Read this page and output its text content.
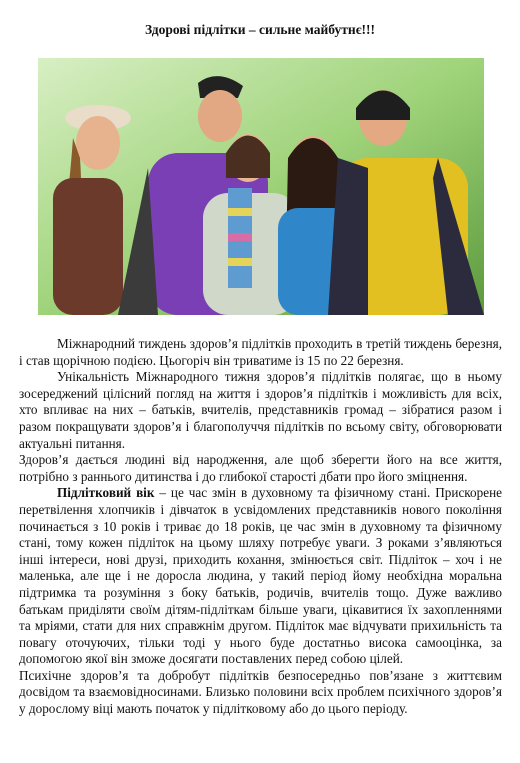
Здорові підлітки – сильне майбутнє!!!

Міжнародний тиждень здоров’я підлітків проходить в третій тиждень березня, і став щорічною подією. Цьогоріч він триватиме із 15 по 22 березня.

Унікальність Міжнародного тижня здоров’я підлітків полягає, що в ньому зосереджений цілісний погляд на життя і здоров’я підлітків і можливість для всіх, хто впливає на них – батьків, вчителів, представників громад – зібратися разом і разом покращувати здоров’я і благополуччя підлітків по всьому світу, обговорювати актуальні питання.

Здоров’я дається людині від народження, але щоб зберегти його на все життя, потрібно з раннього дитинства і до глибокої старості дбати про його зміцнення.

Підлітковий вік – це час змін в духовному та фізичному стані. Прискорене перетвілення хлопчиків і дівчаток в усвідомлених представників нового покоління починається з 10 років і триває до 18 років, це час змін в духовному та фізичному стані, тому кожен підліток на цьому шляху потребує уваги. З роками з’являються інші інтереси, нові друзі, приходить кохання, змінюється світ. Підліток – хоч і не маленька, але ще і не доросла людина, у такий період йому необхідна моральна підтримка та розуміння з боку батьків, родичів, вчителів тощо. Дуже важливо батькам приділяти своїм дітям-підліткам більше уваги, цікавитися їх захопленнями та мріями, стати для них справжнім другом. Підліток має відчувати прихильність та повагу оточуючих, тільки тоді у нього буде достатньо висока самооцінка, за допомогою якої він зможе досягати поставлених перед собою цілей.

Психічне здоров’я та добробут підлітків безпосередньо пов’язане з життєвим досвідом та взаємовідносинами. Близько половини всіх проблем психічного здоров’я у дорослому віці мають початок у підлітковому або до цього періоду.
